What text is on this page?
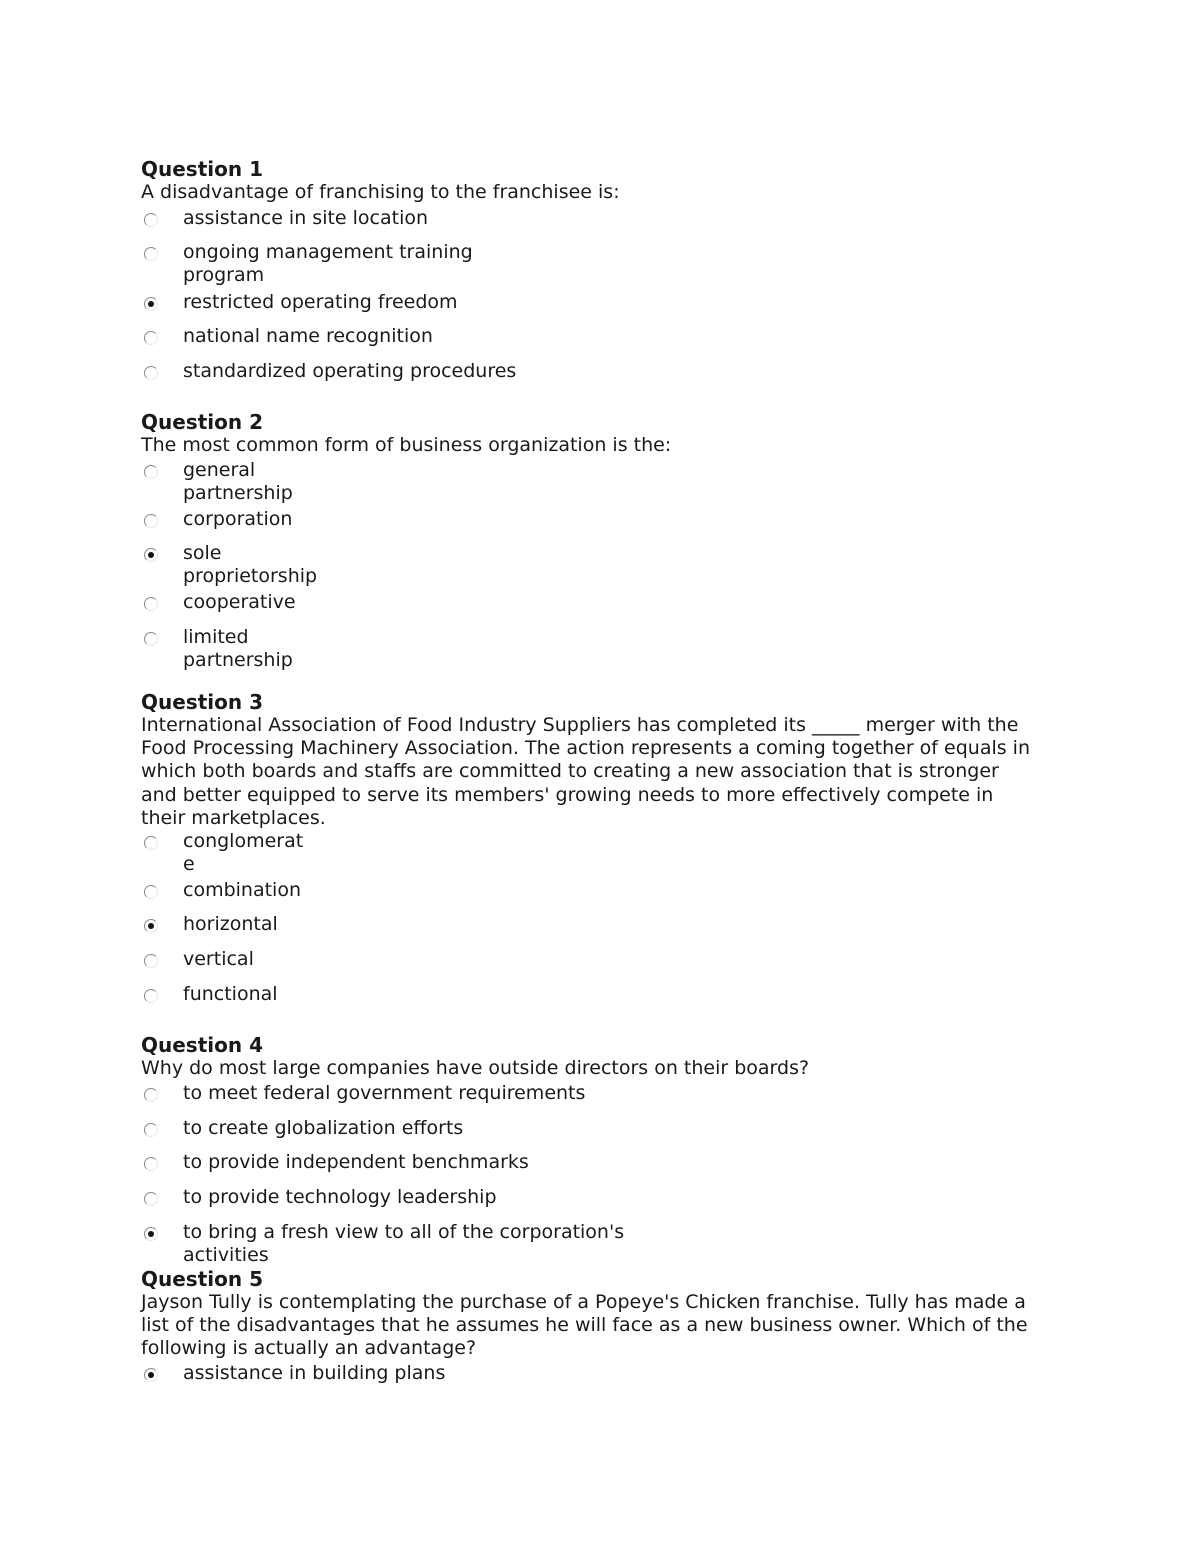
Question 1

A disadvantage of franchising to the franchisee is:

assistance in site location
ongoing management training
program
restricted operating freedom
national name recognition
standardized operating procedures

Question 2

The most common form of business organization is the:

general
partnership
corporation
sole
proprietorship
cooperative
limited
partnership

Question 3

International Association of Food Industry Suppliers has completed its _____ merger with the

Food Processing Machinery Association. The action represents a coming together of equals in

which both boards and staffs are committed to creating a new association that is stronger

and better equipped to serve its members' growing needs to more effectively compete in

their marketplaces.

conglomerat
e
combination
horizontal
vertical
functional

Question 4

Why do most large companies have outside directors on their boards?

to meet federal government requirements
to create globalization efforts
to provide independent benchmarks
to provide technology leadership
to bring a fresh view to all of the corporation's
activities

Question 5

Jayson Tully is contemplating the purchase of a Popeye's Chicken franchise. Tully has made a

list of the disadvantages that he assumes he will face as a new business owner. Which of the

following is actually an advantage?

assistance in building plans
